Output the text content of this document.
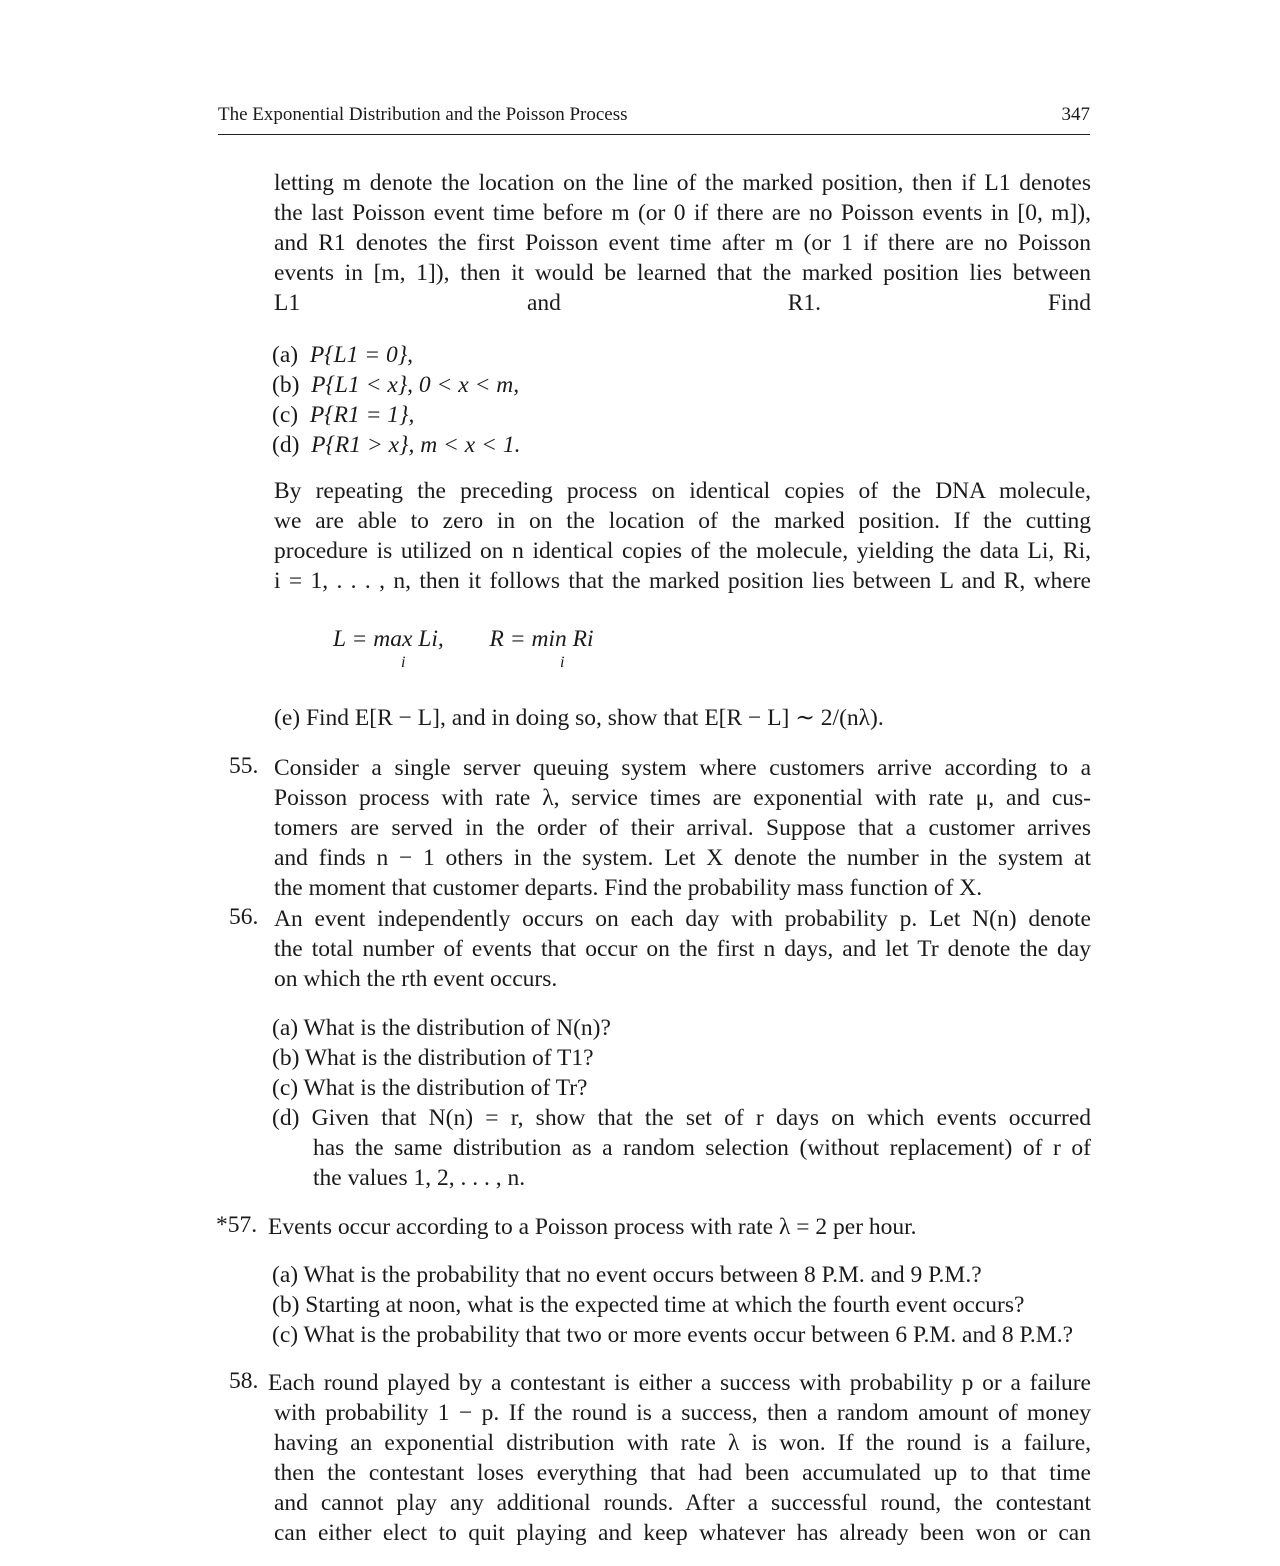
The Exponential Distribution and the Poisson Process	347
letting m denote the location on the line of the marked position, then if L1 denotes
the last Poisson event time before m (or 0 if there are no Poisson events in [0, m]),
and R1 denotes the first Poisson event time after m (or 1 if there are no Poisson
events in [m, 1]), then it would be learned that the marked position lies between
L1 and R1. Find
(a) P{L1 = 0},
(b) P{L1 < x}, 0 < x < m,
(c) P{R1 = 1},
(d) P{R1 > x}, m < x < 1.
By repeating the preceding process on identical copies of the DNA molecule,
we are able to zero in on the location of the marked position. If the cutting
procedure is utilized on n identical copies of the molecule, yielding the data Li, Ri,
i = 1, . . . , n, then it follows that the marked position lies between L and R, where
L = max Li, R = min Ri
i	i
(e) Find E[R − L], and in doing so, show that E[R − L] ∼ 2/(nλ).
55. Consider a single server queuing system where customers arrive according to a
Poisson process with rate λ, service times are exponential with rate μ, and cus-
tomers are served in the order of their arrival. Suppose that a customer arrives
and finds n − 1 others in the system. Let X denote the number in the system at
the moment that customer departs. Find the probability mass function of X.
56. An event independently occurs on each day with probability p. Let N(n) denote
the total number of events that occur on the first n days, and let Tr denote the day
on which the rth event occurs.
(a) What is the distribution of N(n)?
(b) What is the distribution of T1?
(c) What is the distribution of Tr?
(d) Given that N(n) = r, show that the set of r days on which events occurred
has the same distribution as a random selection (without replacement) of r of
the values 1, 2, . . . , n.
*57. Events occur according to a Poisson process with rate λ = 2 per hour.
(a) What is the probability that no event occurs between 8 P.M. and 9 P.M.?
(b) Starting at noon, what is the expected time at which the fourth event occurs?
(c) What is the probability that two or more events occur between 6 P.M. and 8 P.M.?
58. Each round played by a contestant is either a success with probability p or a failure
with probability 1 − p. If the round is a success, then a random amount of money
having an exponential distribution with rate λ is won. If the round is a failure,
then the contestant loses everything that had been accumulated up to that time
and cannot play any additional rounds. After a successful round, the contestant
can either elect to quit playing and keep whatever has already been won or can
